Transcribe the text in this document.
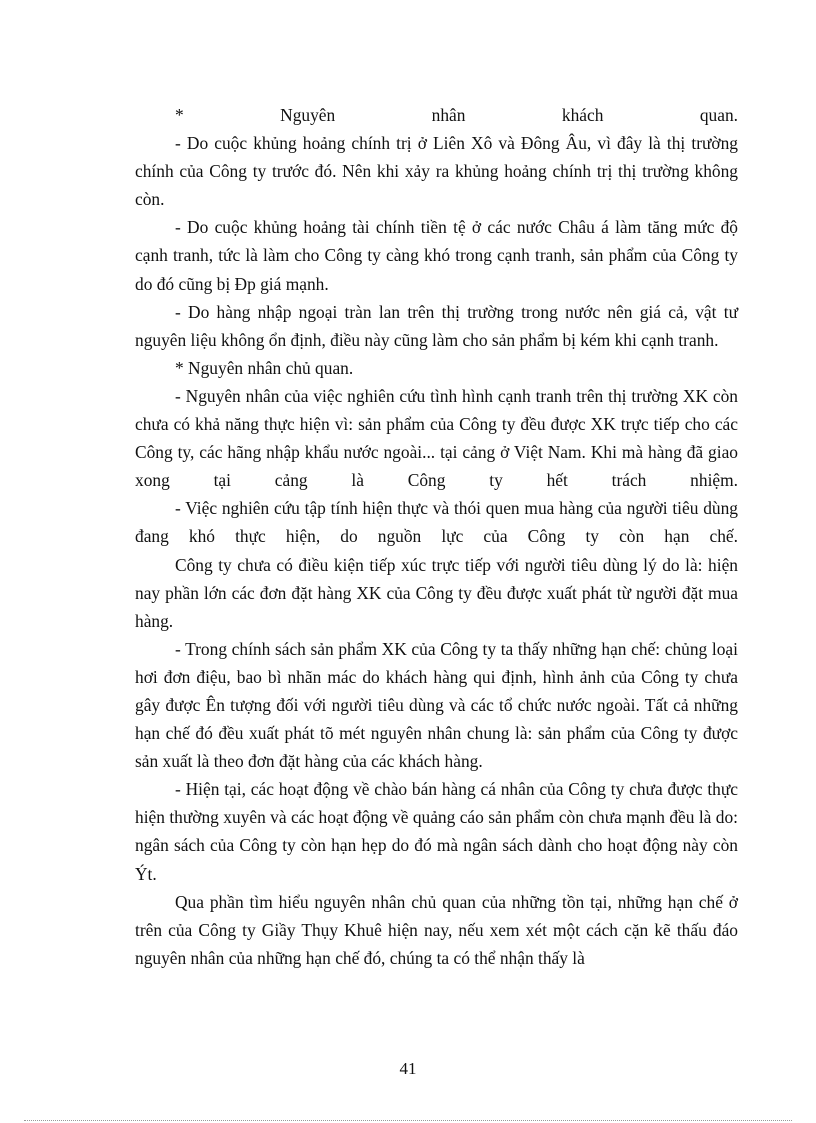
* Nguyên nhân khách quan.

- Do cuộc khủng hoảng chính trị ở Liên Xô và Đông Âu, vì đây là thị trường chính của Công ty trước đó. Nên khi xảy ra khủng hoảng chính trị thị trường không còn.

- Do cuộc khủng hoảng tài chính tiền tệ ở các nước Châu á làm tăng mức độ cạnh tranh, tức là làm cho Công ty càng khó trong cạnh tranh, sản phẩm của Công ty do đó cũng bị Đp giá mạnh.

- Do hàng nhập ngoại tràn lan trên thị trường trong nước nên giá cả, vật tư nguyên liệu không ổn định, điều này cũng làm cho sản phẩm bị kém khi cạnh tranh.

* Nguyên nhân chủ quan.

- Nguyên nhân của việc nghiên cứu tình hình cạnh tranh trên thị trường XK còn chưa có khả năng thực hiện vì: sản phẩm của Công ty đều được XK trực tiếp cho các Công ty, các hãng nhập khẩu nước ngoài... tại cảng ở Việt Nam. Khi mà hàng đã giao xong tại cảng là Công ty hết trách nhiệm.

- Việc nghiên cứu tập tính hiện thực và thói quen mua hàng của người tiêu dùng đang khó thực hiện, do nguồn lực của Công ty còn hạn chế.

Công ty chưa có điều kiện tiếp xúc trực tiếp với người tiêu dùng lý do là: hiện nay phần lớn các đơn đặt hàng XK của Công ty đều được xuất phát từ người đặt mua hàng.

- Trong chính sách sản phẩm XK của Công ty ta thấy những hạn chế: chủng loại hơi đơn điệu, bao bì nhãn mác do khách hàng qui định, hình ảnh của Công ty chưa gây được Ên tượng đối với người tiêu dùng và các tổ chức nước ngoài. Tất cả những hạn chế đó đều xuất phát tõ mét nguyên nhân chung là: sản phẩm của Công ty được sản xuất là theo đơn đặt hàng của các khách hàng.

- Hiện tại, các hoạt động về chào bán hàng cá nhân của Công ty chưa được thực hiện thường xuyên và các hoạt động về quảng cáo sản phẩm còn chưa mạnh đều là do: ngân sách của Công ty còn hạn hẹp do đó mà ngân sách dành cho hoạt động này còn Ýt.

Qua phần tìm hiểu nguyên nhân chủ quan của những tồn tại, những hạn chế ở trên của Công ty Giầy Thụy Khuê hiện nay, nếu xem xét một cách cặn kẽ thấu đáo nguyên nhân của những hạn chế đó, chúng ta có thể nhận thấy là

41
